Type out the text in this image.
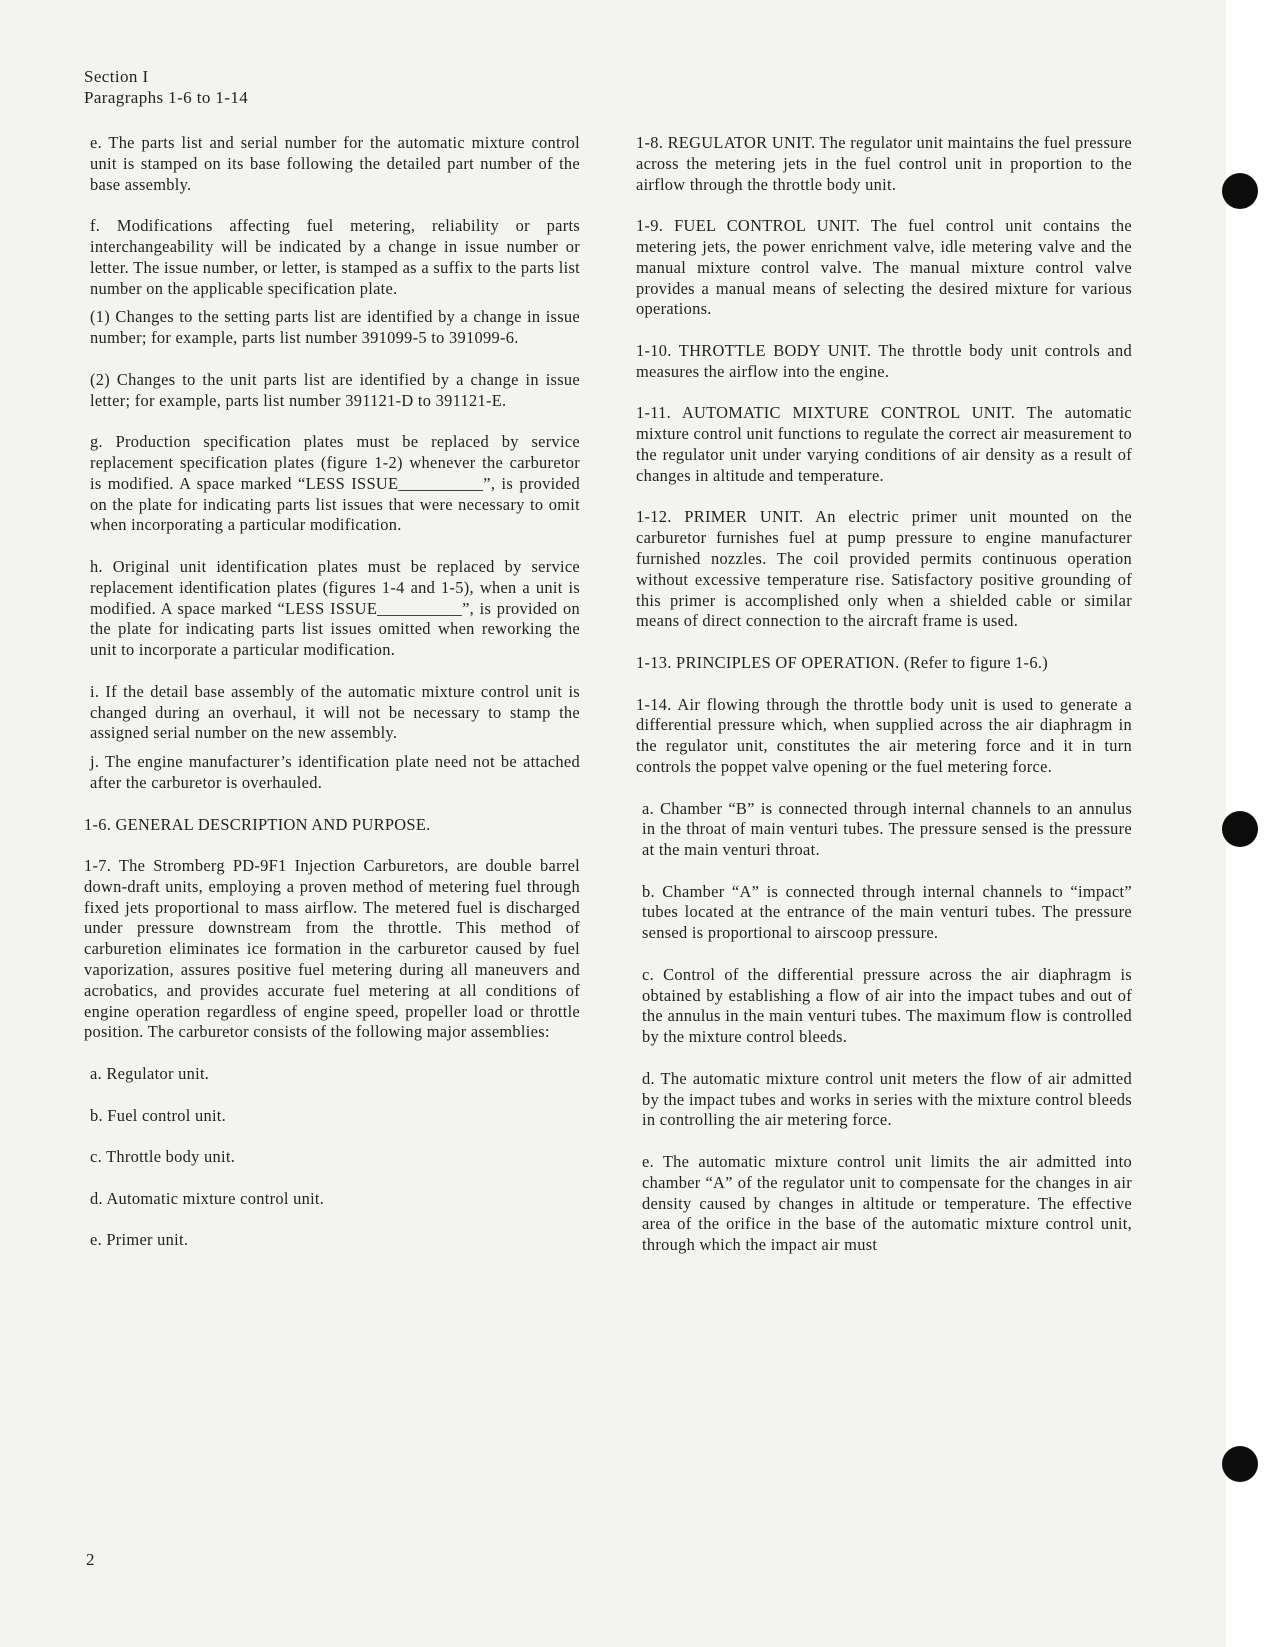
Section I
Paragraphs 1-6 to 1-14

e. The parts list and serial number for the automatic mixture control unit is stamped on its base following the detailed part number of the base assembly.

f. Modifications affecting fuel metering, reliability or parts interchangeability will be indicated by a change in issue number or letter. The issue number, or letter, is stamped as a suffix to the parts list number on the applicable specification plate.

(1) Changes to the setting parts list are identified by a change in issue number; for example, parts list number 391099-5 to 391099-6.

(2) Changes to the unit parts list are identified by a change in issue letter; for example, parts list number 391121-D to 391121-E.

g. Production specification plates must be replaced by service replacement specification plates (figure 1-2) whenever the carburetor is modified. A space marked “LESS ISSUE__________”, is provided on the plate for indicating parts list issues that were necessary to omit when incorporating a particular modification.

h. Original unit identification plates must be replaced by service replacement identification plates (figures 1-4 and 1-5), when a unit is modified. A space marked “LESS ISSUE__________”, is provided on the plate for indicating parts list issues omitted when reworking the unit to incorporate a particular modification.

i. If the detail base assembly of the automatic mixture control unit is changed during an overhaul, it will not be necessary to stamp the assigned serial number on the new assembly.

j. The engine manufacturer’s identification plate need not be attached after the carburetor is overhauled.

1-6. GENERAL DESCRIPTION AND PURPOSE.

1-7. The Stromberg PD-9F1 Injection Carburetors, are double barrel down-draft units, employing a proven method of metering fuel through fixed jets proportional to mass airflow. The metered fuel is discharged under pressure downstream from the throttle. This method of carburetion eliminates ice formation in the carburetor caused by fuel vaporization, assures positive fuel metering during all maneuvers and acrobatics, and provides accurate fuel metering at all conditions of engine operation regardless of engine speed, propeller load or throttle position. The carburetor consists of the following major assemblies:

a. Regulator unit.

b. Fuel control unit.

c. Throttle body unit.

d. Automatic mixture control unit.

e. Primer unit.

1-8. REGULATOR UNIT. The regulator unit maintains the fuel pressure across the metering jets in the fuel control unit in proportion to the airflow through the throttle body unit.

1-9. FUEL CONTROL UNIT. The fuel control unit contains the metering jets, the power enrichment valve, idle metering valve and the manual mixture control valve. The manual mixture control valve provides a manual means of selecting the desired mixture for various operations.

1-10. THROTTLE BODY UNIT. The throttle body unit controls and measures the airflow into the engine.

1-11. AUTOMATIC MIXTURE CONTROL UNIT. The automatic mixture control unit functions to regulate the correct air measurement to the regulator unit under varying conditions of air density as a result of changes in altitude and temperature.

1-12. PRIMER UNIT. An electric primer unit mounted on the carburetor furnishes fuel at pump pressure to engine manufacturer furnished nozzles. The coil provided permits continuous operation without excessive temperature rise. Satisfactory positive grounding of this primer is accomplished only when a shielded cable or similar means of direct connection to the aircraft frame is used.

1-13. PRINCIPLES OF OPERATION. (Refer to figure 1-6.)

1-14. Air flowing through the throttle body unit is used to generate a differential pressure which, when supplied across the air diaphragm in the regulator unit, constitutes the air metering force and it in turn controls the poppet valve opening or the fuel metering force.

a. Chamber “B” is connected through internal channels to an annulus in the throat of main venturi tubes. The pressure sensed is the pressure at the main venturi throat.

b. Chamber “A” is connected through internal channels to “impact” tubes located at the entrance of the main venturi tubes. The pressure sensed is proportional to airscoop pressure.

c. Control of the differential pressure across the air diaphragm is obtained by establishing a flow of air into the impact tubes and out of the annulus in the main venturi tubes. The maximum flow is controlled by the mixture control bleeds.

d. The automatic mixture control unit meters the flow of air admitted by the impact tubes and works in series with the mixture control bleeds in controlling the air metering force.

e. The automatic mixture control unit limits the air admitted into chamber “A” of the regulator unit to compensate for the changes in air density caused by changes in altitude or temperature. The effective area of the orifice in the base of the automatic mixture control unit, through which the impact air must

2
